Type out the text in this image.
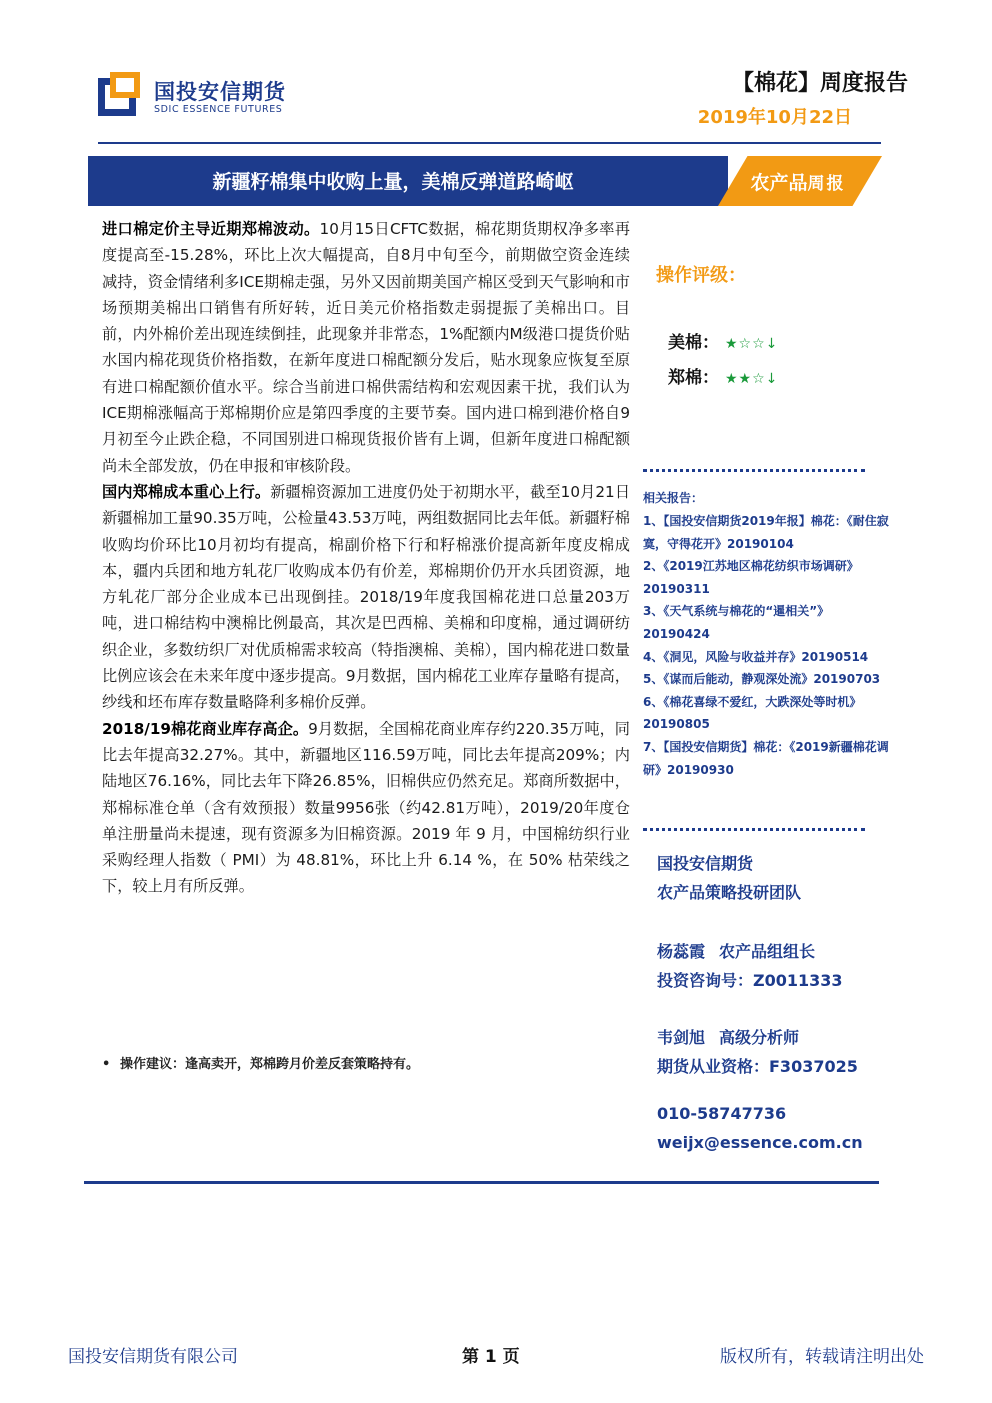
国投安信期货
SDIC ESSENCE FUTURES
【棉花】周度报告
2019年10月22日
新疆籽棉集中收购上量，美棉反弹道路崎岖	农产品周报

进口棉定价主导近期郑棉波动。10月15日CFTC数据，棉花期货期权净多率再度提高至-15.28%，环比上次大幅提高，自8月中旬至今，前期做空资金连续减持，资金情绪利多ICE期棉走强，另外又因前期美国产棉区受到天气影响和市场预期美棉出口销售有所好转，近日美元价格指数走弱提振了美棉出口。目前，内外棉价差出现连续倒挂，此现象并非常态，1%配额内M级港口提货价贴水国内棉花现货价格指数，在新年度进口棉配额分发后，贴水现象应恢复至原有进口棉配额价值水平。综合当前进口棉供需结构和宏观因素干扰，我们认为ICE期棉涨幅高于郑棉期价应是第四季度的主要节奏。国内进口棉到港价格自9月初至今止跌企稳，不同国别进口棉现货报价皆有上调，但新年度进口棉配额尚未全部发放，仍在申报和审核阶段。

国内郑棉成本重心上行。新疆棉资源加工进度仍处于初期水平，截至10月21日新疆棉加工量90.35万吨，公检量43.53万吨，两组数据同比去年低。新疆籽棉收购均价环比10月初均有提高，棉副价格下行和籽棉涨价提高新年度皮棉成本，疆内兵团和地方轧花厂收购成本仍有价差，郑棉期价仍开水兵团资源，地方轧花厂部分企业成本已出现倒挂。2018/19年度我国棉花进口总量203万吨，进口棉结构中澳棉比例最高，其次是巴西棉、美棉和印度棉，通过调研纺织企业，多数纺织厂对优质棉需求较高（特指澳棉、美棉），国内棉花进口数量比例应该会在未来年度中逐步提高。9月数据，国内棉花工业库存量略有提高，纱线和坯布库存数量略降利多棉价反弹。

2018/19棉花商业库存高企。9月数据，全国棉花商业库存约220.35万吨，同比去年提高32.27%。其中，新疆地区116.59万吨，同比去年提高209%；内陆地区76.16%，同比去年下降26.85%，旧棉供应仍然充足。郑商所数据中，郑棉标准仓单（含有效预报）数量9956张（约42.81万吨），2019/20年度仓单注册量尚未提速，现有资源多为旧棉资源。2019 年 9 月，中国棉纺织行业采购经理人指数（ PMI）为 48.81%，环比上升 6.14 %，在 50% 枯荣线之下，较上月有所反弹。

• 操作建议：逢高卖开，郑棉跨月价差反套策略持有。
操作评级：
美棉： ★☆☆↓
郑棉： ★★☆↓
相关报告：
1、【国投安信期货2019年报】棉花：《耐住寂寞，守得花开》20190104
2、《2019江苏地区棉花纺织市场调研》20190311
3、《天气系统与棉花的“暹相关”》20190424
4、《洞见，风险与收益并存》20190514
5、《谋而后能动，静观深处流》20190703
6、《棉花喜绿不爱红，大跌深处等时机》20190805
7、【国投安信期货】棉花：《2019新疆棉花调研》20190930
国投安信期货
农产品策略投研团队
杨蕊霞 农产品组组长
投资咨询号：Z0011333
韦剑旭 高级分析师
期货从业资格：F3037025
010-58747736
weijx@essence.com.cn
国投安信期货有限公司	第 1 页	版权所有，转载请注明出处
